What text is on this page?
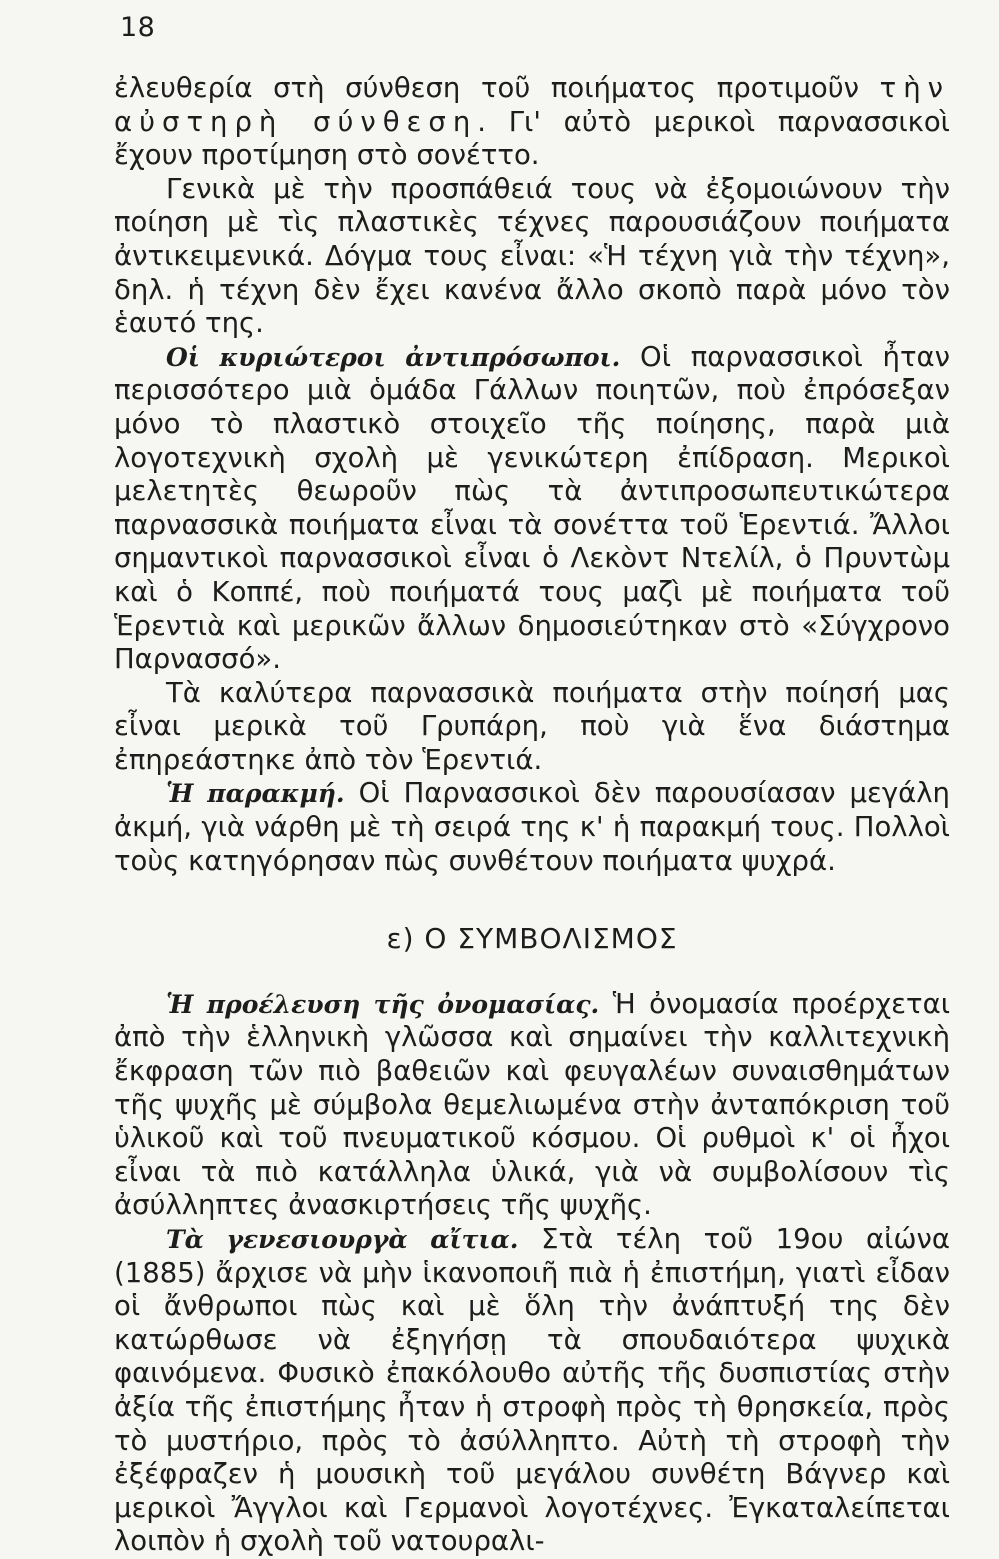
18

ἐλευθερία στὴ σύνθεση τοῦ ποιήματος προτιμοῦν τὴν αὐστηρὴ σύνθεση. Γι' αὐτὸ μερικοὶ παρνασσικοὶ ἔχουν προτίμηση στὸ σονέττο.

Γενικὰ μὲ τὴν προσπάθειά τους νὰ ἐξομοιώνουν τὴν ποίηση μὲ τὶς πλαστικὲς τέχνες παρουσιάζουν ποιήματα ἀντικειμενικά. Δόγμα τους εἶναι: «Ἡ τέχνη γιὰ τὴν τέχνη», δηλ. ἡ τέχνη δὲν ἔχει κανένα ἄλλο σκοπὸ παρὰ μόνο τὸν ἑαυτό της.

Οἱ κυριώτεροι ἀντιπρόσωποι. Οἱ παρνασσικοὶ ἦταν περισσότερο μιὰ ὁμάδα Γάλλων ποιητῶν, ποὺ ἐπρόσεξαν μόνο τὸ πλαστικὸ στοιχεῖο τῆς ποίησης, παρὰ μιὰ λογοτεχνικὴ σχολὴ μὲ γενικώτερη ἐπίδραση. Μερικοὶ μελετητὲς θεωροῦν πὼς τὰ ἀντιπροσωπευτικώτερα παρνασσικὰ ποιήματα εἶναι τὰ σονέττα τοῦ Ἑρεντιά. Ἄλλοι σημαντικοὶ παρνασσικοὶ εἶναι ὁ Λεκὸντ Ντελίλ, ὁ Πρυντὼμ καὶ ὁ Κοππέ, ποὺ ποιήματά τους μαζὶ μὲ ποιήματα τοῦ Ἑρεντιὰ καὶ μερικῶν ἄλλων δημοσιεύτηκαν στὸ «Σύγχρονο Παρνασσό».

Τὰ καλύτερα παρνασσικὰ ποιήματα στὴν ποίησή μας εἶναι μερικὰ τοῦ Γρυπάρη, ποὺ γιὰ ἕνα διάστημα ἐπηρεάστηκε ἀπὸ τὸν Ἑρεντιά.

Ἡ παρακμή. Οἱ Παρνασσικοὶ δὲν παρουσίασαν μεγάλη ἀκμή, γιὰ νάρθη μὲ τὴ σειρά της κ' ἡ παρακμή τους. Πολλοὶ τοὺς κατηγόρησαν πὼς συνθέτουν ποιήματα ψυχρά.

ε) Ο ΣΥΜΒΟΛΙΣΜΟΣ

Ἡ προέλευση τῆς ὀνομασίας. Ἡ ὀνομασία προέρχεται ἀπὸ τὴν ἑλληνικὴ γλῶσσα καὶ σημαίνει τὴν καλλιτεχνικὴ ἔκφραση τῶν πιὸ βαθειῶν καὶ φευγαλέων συναισθημάτων τῆς ψυχῆς μὲ σύμβολα θεμελιωμένα στὴν ἀνταπόκριση τοῦ ὑλικοῦ καὶ τοῦ πνευματικοῦ κόσμου. Οἱ ρυθμοὶ κ' οἱ ἦχοι εἶναι τὰ πιὸ κατάλληλα ὑλικά, γιὰ νὰ συμβολίσουν τὶς ἀσύλληπτες ἀνασκιρτήσεις τῆς ψυχῆς.

Τὰ γενεσιουργὰ αἴτια. Στὰ τέλη τοῦ 19ου αἰώνα (1885) ἄρχισε νὰ μὴν ἱκανοποιῆ πιὰ ἡ ἐπιστήμη, γιατὶ εἶδαν οἱ ἄνθρωποι πὼς καὶ μὲ ὅλη τὴν ἀνάπτυξή της δὲν κατώρθωσε νὰ ἐξηγήσῃ τὰ σπουδαιότερα ψυχικὰ φαινόμενα. Φυσικὸ ἐπακόλουθο αὐτῆς τῆς δυσπιστίας στὴν ἀξία τῆς ἐπιστήμης ἦταν ἡ στροφὴ πρὸς τὴ θρησκεία, πρὸς τὸ μυστήριο, πρὸς τὸ ἀσύλληπτο. Αὐτὴ τὴ στροφὴ τὴν ἐξέφραζεν ἡ μουσικὴ τοῦ μεγάλου συνθέτη Βάγνερ καὶ μερικοὶ Ἄγγλοι καὶ Γερμανοὶ λογοτέχνες. Ἐγκαταλείπεται λοιπὸν ἡ σχολὴ τοῦ νατουραλι-
